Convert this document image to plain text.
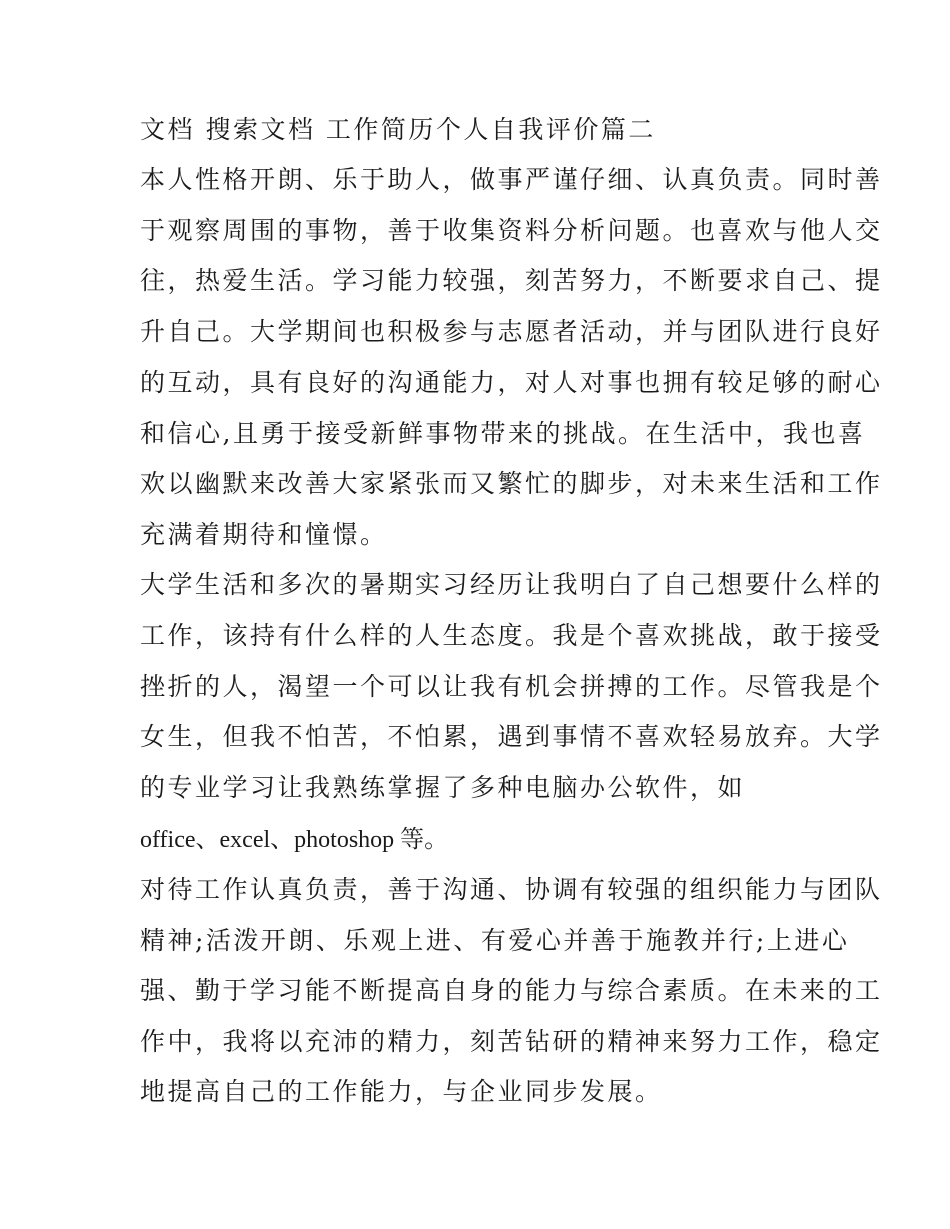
文档 搜索文档 工作简历个人自我评价篇二
本人性格开朗、乐于助人，做事严谨仔细、认真负责。同时善
于观察周围的事物，善于收集资料分析问题。也喜欢与他人交
往，热爱生活。学习能力较强，刻苦努力，不断要求自己、提
升自己。大学期间也积极参与志愿者活动，并与团队进行良好
的互动，具有良好的沟通能力，对人对事也拥有较足够的耐心
和信心,且勇于接受新鲜事物带来的挑战。在生活中，我也喜
欢以幽默来改善大家紧张而又繁忙的脚步，对未来生活和工作
充满着期待和憧憬。
大学生活和多次的暑期实习经历让我明白了自己想要什么样的
工作，该持有什么样的人生态度。我是个喜欢挑战，敢于接受
挫折的人，渴望一个可以让我有机会拼搏的工作。尽管我是个
女生，但我不怕苦，不怕累，遇到事情不喜欢轻易放弃。大学
的专业学习让我熟练掌握了多种电脑办公软件，如
office、excel、photoshop 等。
对待工作认真负责，善于沟通、协调有较强的组织能力与团队
精神;活泼开朗、乐观上进、有爱心并善于施教并行;上进心
强、勤于学习能不断提高自身的能力与综合素质。在未来的工
作中，我将以充沛的精力，刻苦钻研的精神来努力工作，稳定
地提高自己的工作能力，与企业同步发展。
